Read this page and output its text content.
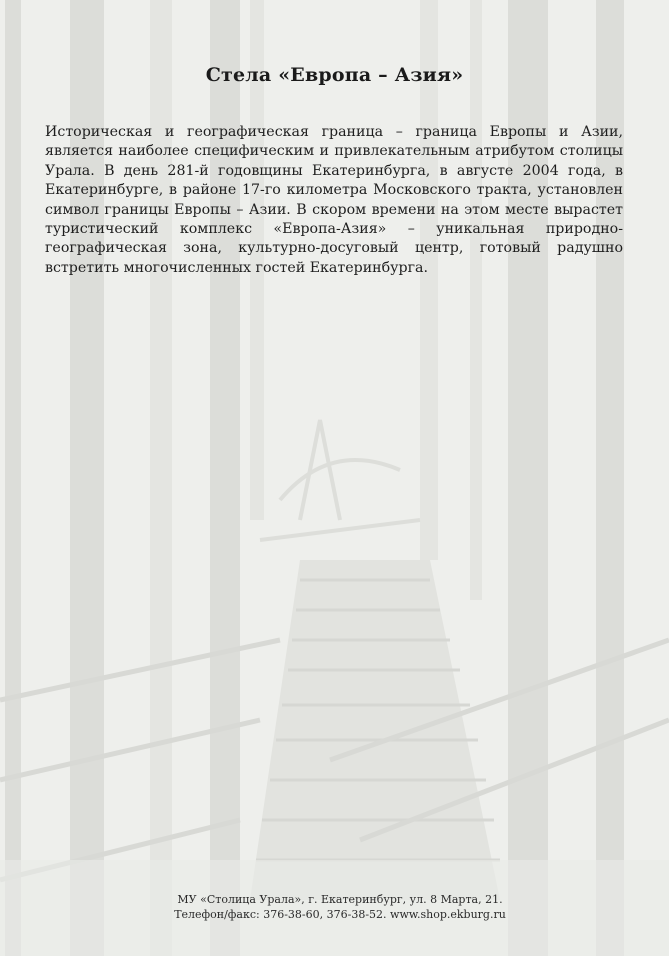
Стела «Европа – Азия»

Историческая и географическая граница – граница Европы и Азии, является наиболее специфическим и привлекательным атрибутом столицы Урала. В день 281-й годовщины Екатеринбурга, в августе 2004 года, в Екатеринбурге, в районе 17-го километра Московского тракта, установлен символ границы Европы – Азии. В скором времени на этом месте вырастет туристический комплекс «Европа-Азия» – уникальная природно-географическая зона, культурно-досуговый центр, готовый радушно встретить многочисленных гостей Екатеринбурга.

МУ «Столица Урала», г. Екатеринбург, ул. 8 Марта, 21.
Телефон/факс: 376-38-60, 376-38-52. www.shop.ekburg.ru
